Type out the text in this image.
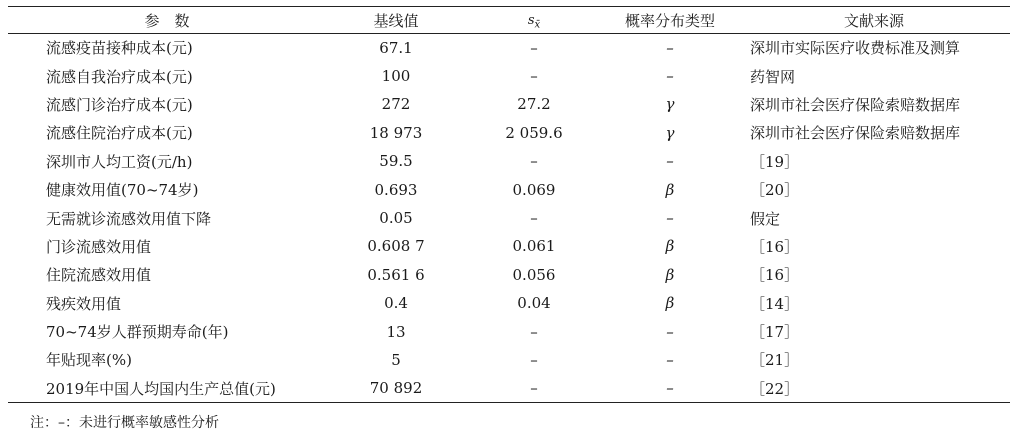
参　数	基线值	$s_{x̄}$	概率分布类型	文献来源
流感疫苗接种成本(元)	67.1	–	–	深圳市实际医疗收费标准及测算
流感自我治疗成本(元)	100	–	–	药智网
流感门诊治疗成本(元)	272	27.2	γ	深圳市社会医疗保险索赔数据库
流感住院治疗成本(元)	18 973	2 059.6	γ	深圳市社会医疗保险索赔数据库
深圳市人均工资(元/h)	59.5	–	–	［19］
健康效用值(70~74岁)	0.693	0.069	β	［20］
无需就诊流感效用值下降	0.05	–	–	假定
门诊流感效用值	0.608 7	0.061	β	［16］
住院流感效用值	0.561 6	0.056	β	［16］
残疾效用值	0.4	0.04	β	［14］
70~74岁人群预期寿命(年)	13	–	–	［17］
年贴现率(%)	5	–	–	［21］
2019年中国人均国内生产总值(元)	70 892	–	–	［22］
注：–：未进行概率敏感性分析
